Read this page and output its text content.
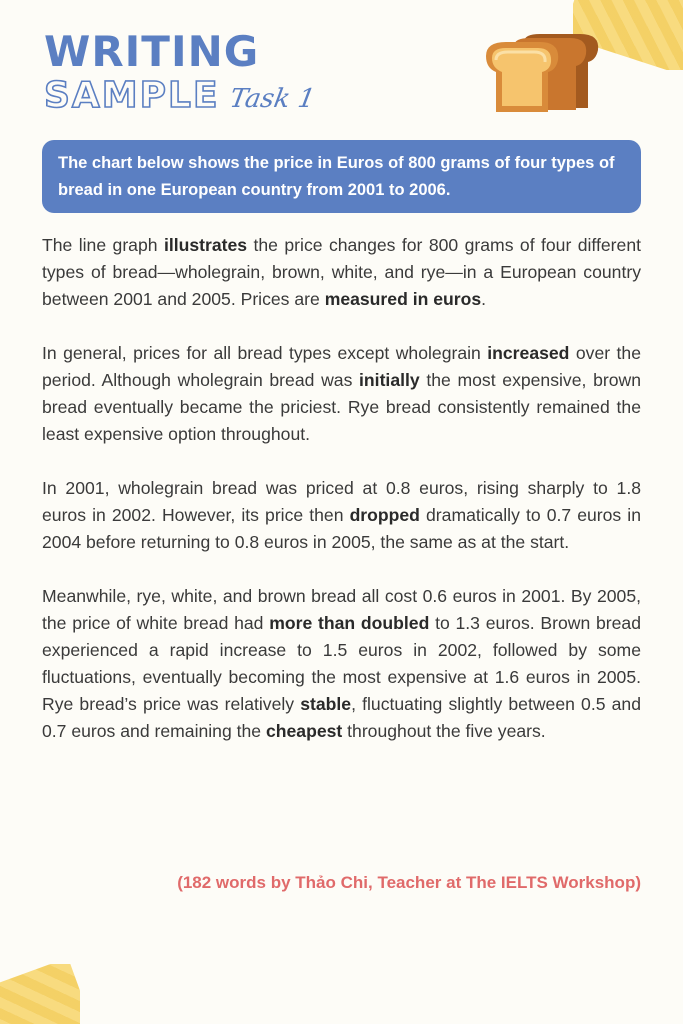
WRITING
SAMPLE Task 1

The chart below shows the price in Euros of 800 grams of four types of bread in one European country from 2001 to 2006.

The line graph illustrates the price changes for 800 grams of four different types of bread—wholegrain, brown, white, and rye—in a European country between 2001 and 2005. Prices are measured in euros.

In general, prices for all bread types except wholegrain increased over the period. Although wholegrain bread was initially the most expensive, brown bread eventually became the priciest. Rye bread consistently remained the least expensive option throughout.

In 2001, wholegrain bread was priced at 0.8 euros, rising sharply to 1.8 euros in 2002. However, its price then dropped dramatically to 0.7 euros in 2004 before returning to 0.8 euros in 2005, the same as at the start.

Meanwhile, rye, white, and brown bread all cost 0.6 euros in 2001. By 2005, the price of white bread had more than doubled to 1.3 euros. Brown bread experienced a rapid increase to 1.5 euros in 2002, followed by some fluctuations, eventually becoming the most expensive at 1.6 euros in 2005. Rye bread’s price was relatively stable, fluctuating slightly between 0.5 and 0.7 euros and remaining the cheapest throughout the five years.

(182 words by Thảo Chi, Teacher at The IELTS Workshop)
